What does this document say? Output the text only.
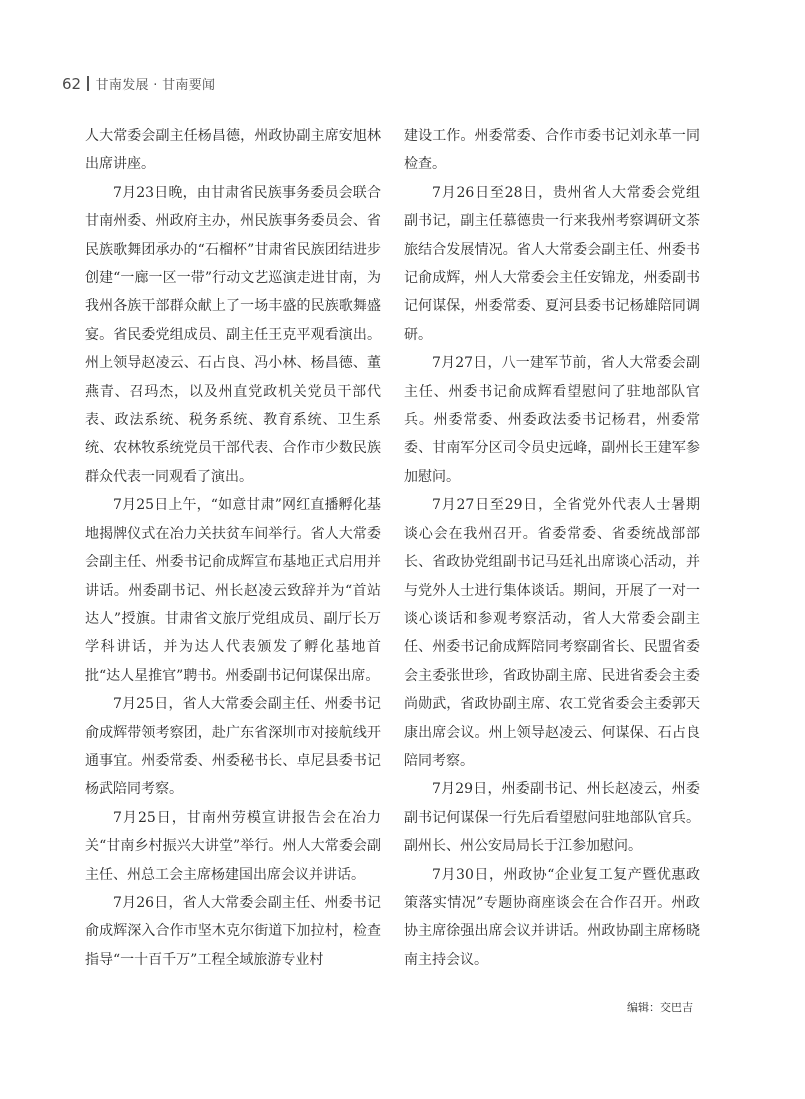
62 甘南发展 · 甘南要闻

人大常委会副主任杨昌德，州政协副主席安旭林出席讲座。

7月23日晚，由甘肃省民族事务委员会联合甘南州委、州政府主办，州民族事务委员会、省民族歌舞团承办的“石榴杯”甘肃省民族团结进步创建“一廊一区一带”行动文艺巡演走进甘南，为我州各族干部群众献上了一场丰盛的民族歌舞盛宴。省民委党组成员、副主任王克平观看演出。州上领导赵凌云、石占良、冯小林、杨昌德、董燕青、召玛杰，以及州直党政机关党员干部代表、政法系统、税务系统、教育系统、卫生系统、农林牧系统党员干部代表、合作市少数民族群众代表一同观看了演出。

7月25日上午，“如意甘肃”网红直播孵化基地揭牌仪式在冶力关扶贫车间举行。省人大常委会副主任、州委书记俞成辉宣布基地正式启用并讲话。州委副书记、州长赵凌云致辞并为“首站达人”授旗。甘肃省文旅厅党组成员、副厅长万学科讲话，并为达人代表颁发了孵化基地首批“达人星推官”聘书。州委副书记何谋保出席。

7月25日，省人大常委会副主任、州委书记俞成辉带领考察团，赴广东省深圳市对接航线开通事宜。州委常委、州委秘书长、卓尼县委书记杨武陪同考察。

7月25日，甘南州劳模宣讲报告会在冶力关“甘南乡村振兴大讲堂”举行。州人大常委会副主任、州总工会主席杨建国出席会议并讲话。

7月26日，省人大常委会副主任、州委书记俞成辉深入合作市坚木克尔街道下加拉村，检查指导“一十百千万”工程全域旅游专业村

建设工作。州委常委、合作市委书记刘永革一同检查。

7月26日至28日，贵州省人大常委会党组副书记，副主任慕德贵一行来我州考察调研文茶旅结合发展情况。省人大常委会副主任、州委书记俞成辉，州人大常委会主任安锦龙，州委副书记何谋保，州委常委、夏河县委书记杨雄陪同调研。

7月27日，八一建军节前，省人大常委会副主任、州委书记俞成辉看望慰问了驻地部队官兵。州委常委、州委政法委书记杨君，州委常委、甘南军分区司令员史远峰，副州长王建军参加慰问。

7月27日至29日，全省党外代表人士暑期谈心会在我州召开。省委常委、省委统战部部长、省政协党组副书记马廷礼出席谈心活动，并与党外人士进行集体谈话。期间，开展了一对一谈心谈话和参观考察活动，省人大常委会副主任、州委书记俞成辉陪同考察副省长、民盟省委会主委张世珍，省政协副主席、民进省委会主委尚勋武，省政协副主席、农工党省委会主委郭天康出席会议。州上领导赵凌云、何谋保、石占良陪同考察。

7月29日，州委副书记、州长赵凌云，州委副书记何谋保一行先后看望慰问驻地部队官兵。副州长、州公安局局长于江参加慰问。

7月30日，州政协“企业复工复产暨优惠政策落实情况”专题协商座谈会在合作召开。州政协主席徐强出席会议并讲话。州政协副主席杨晓南主持会议。

编辑：交巴吉
